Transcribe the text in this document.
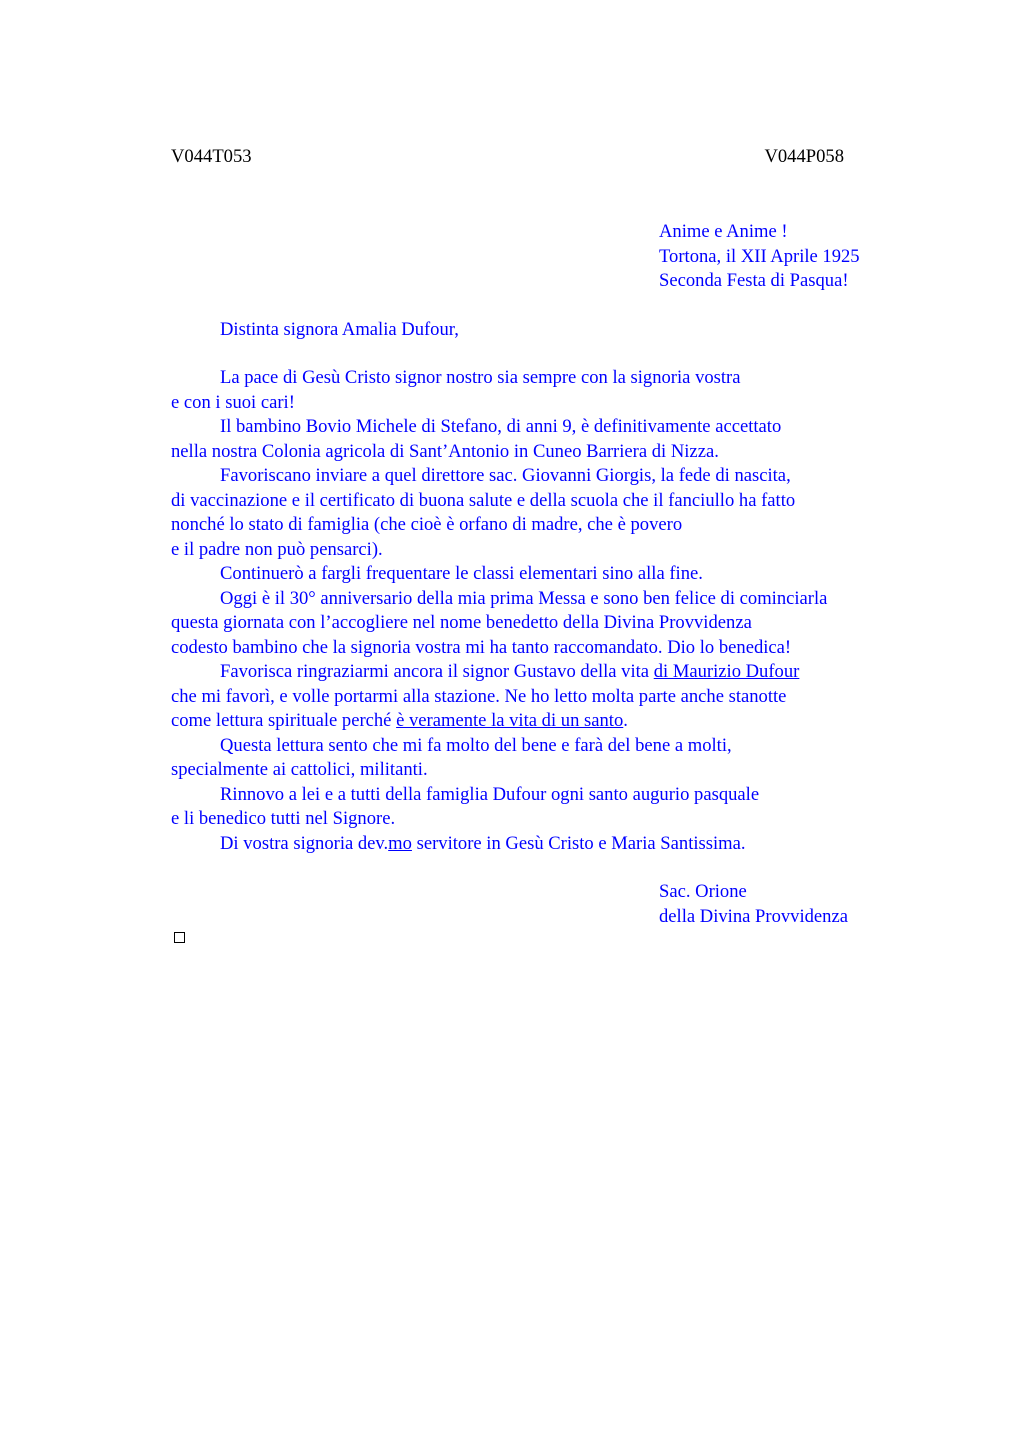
V044T053	V044P058
Anime e Anime !
Tortona, il XII Aprile 1925
Seconda Festa di Pasqua!
Distinta signora Amalia Dufour,
La pace di Gesù Cristo signor nostro sia sempre con la signoria vostra
e con i suoi cari!
Il bambino Bovio Michele di Stefano, di anni 9, è definitivamente accettato
nella nostra Colonia agricola di Sant’Antonio in Cuneo Barriera di Nizza.
Favoriscano inviare a quel direttore sac. Giovanni Giorgis, la fede di nascita,
di vaccinazione e il certificato di buona salute e della scuola che il fanciullo ha fatto
nonché lo stato di famiglia (che cioè è orfano di madre, che è povero
e il padre non può pensarci).
Continuerò a fargli frequentare le classi elementari sino alla fine.
Oggi è il 30° anniversario della mia prima Messa e sono ben felice di cominciarla
questa giornata con l’accogliere nel nome benedetto della Divina Provvidenza
codesto bambino che la signoria vostra mi ha tanto raccomandato. Dio lo benedica!
Favorisca ringraziarmi ancora il signor Gustavo della vita di Maurizio Dufour
che mi favorì, e volle portarmi alla stazione. Ne ho letto molta parte anche stanotte
come lettura spirituale perché è veramente la vita di un santo.
Questa lettura sento che mi fa molto del bene e farà del bene a molti,
specialmente ai cattolici, militanti.
Rinnovo a lei e a tutti della famiglia Dufour ogni santo augurio pasquale
e li benedico tutti nel Signore.
Di vostra signoria dev.mo servitore in Gesù Cristo e Maria Santissima.
Sac. Orione
della Divina Provvidenza
